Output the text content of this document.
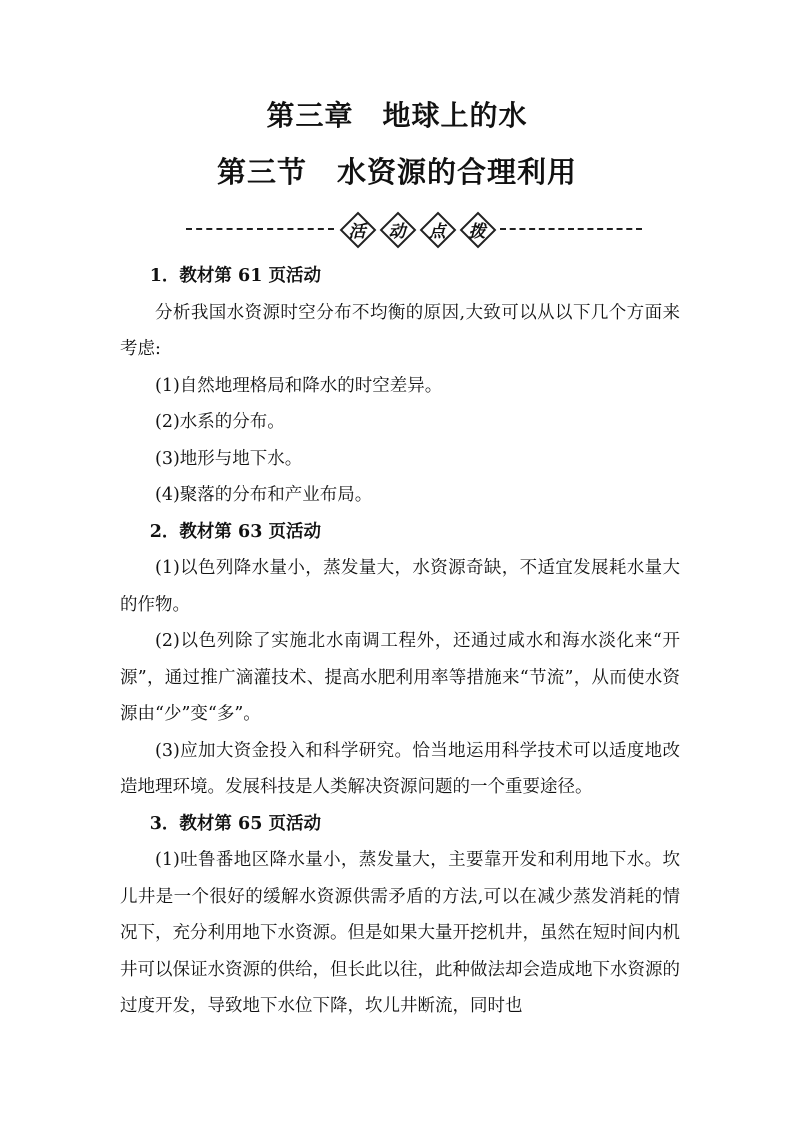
第三章　地球上的水
第三节　水资源的合理利用
活	动	点	拨

1．教材第 61 页活动

分析我国水资源时空分布不均衡的原因,大致可以从以下几个方面来考虑:

(1)自然地理格局和降水的时空差异。

(2)水系的分布。

(3)地形与地下水。

(4)聚落的分布和产业布局。

2．教材第 63 页活动

(1)以色列降水量小，蒸发量大，水资源奇缺，不适宜发展耗水量大的作物。

(2)以色列除了实施北水南调工程外，还通过咸水和海水淡化来“开源”，通过推广滴灌技术、提高水肥利用率等措施来“节流”，从而使水资源由“少”变“多”。

(3)应加大资金投入和科学研究。恰当地运用科学技术可以适度地改造地理环境。发展科技是人类解决资源问题的一个重要途径。

3．教材第 65 页活动

(1)吐鲁番地区降水量小，蒸发量大，主要靠开发和利用地下水。坎儿井是一个很好的缓解水资源供需矛盾的方法,可以在减少蒸发消耗的情况下，充分利用地下水资源。但是如果大量开挖机井，虽然在短时间内机井可以保证水资源的供给，但长此以往，此种做法却会造成地下水资源的过度开发，导致地下水位下降，坎儿井断流，同时也
